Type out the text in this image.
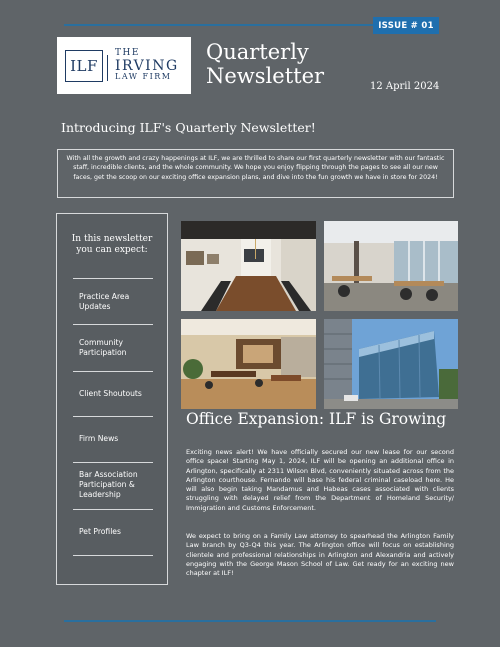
ISSUE # 01
ILF
THE
IRVING
LAW FIRM
Quarterly
Newsletter	12 April 2024
Introducing ILF's Quarterly Newsletter!
With all the growth and crazy happenings at ILF, we are thrilled to share our first quarterly newsletter with our fantastic staff, incredible clients, and the whole community. We hope you enjoy flipping through the pages to see all our new faces, get the scoop on our exciting office expansion plans, and dive into the fun growth we have in store for 2024!
In this newsletter
you can expect:
Practice Area
Updates
Community
Participation
Client Shoutouts
Firm News
Bar Association
Participation &
Leadership
Pet Profiles
Office Expansion: ILF is Growing
Exciting news alert! We have officially secured our new lease for our second office space! Starting May 1, 2024, ILF will be opening an additional office in Arlington, specifically at 2311 Wilson Blvd, conveniently situated across from the Arlington courthouse. Fernando will base his federal criminal caseload here. He will also begin taking Mandamus and Habeas cases associated with clients struggling with delayed relief from the Department of Homeland Security/ Immigration and Customs Enforcement.
We expect to bring on a Family Law attorney to spearhead the Arlington Family Law branch by Q3-Q4 this year. The Arlington office will focus on establishing clientele and professional relationships in Arlington and Alexandria and actively engaging with the George Mason School of Law. Get ready for an exciting new chapter at ILF!
